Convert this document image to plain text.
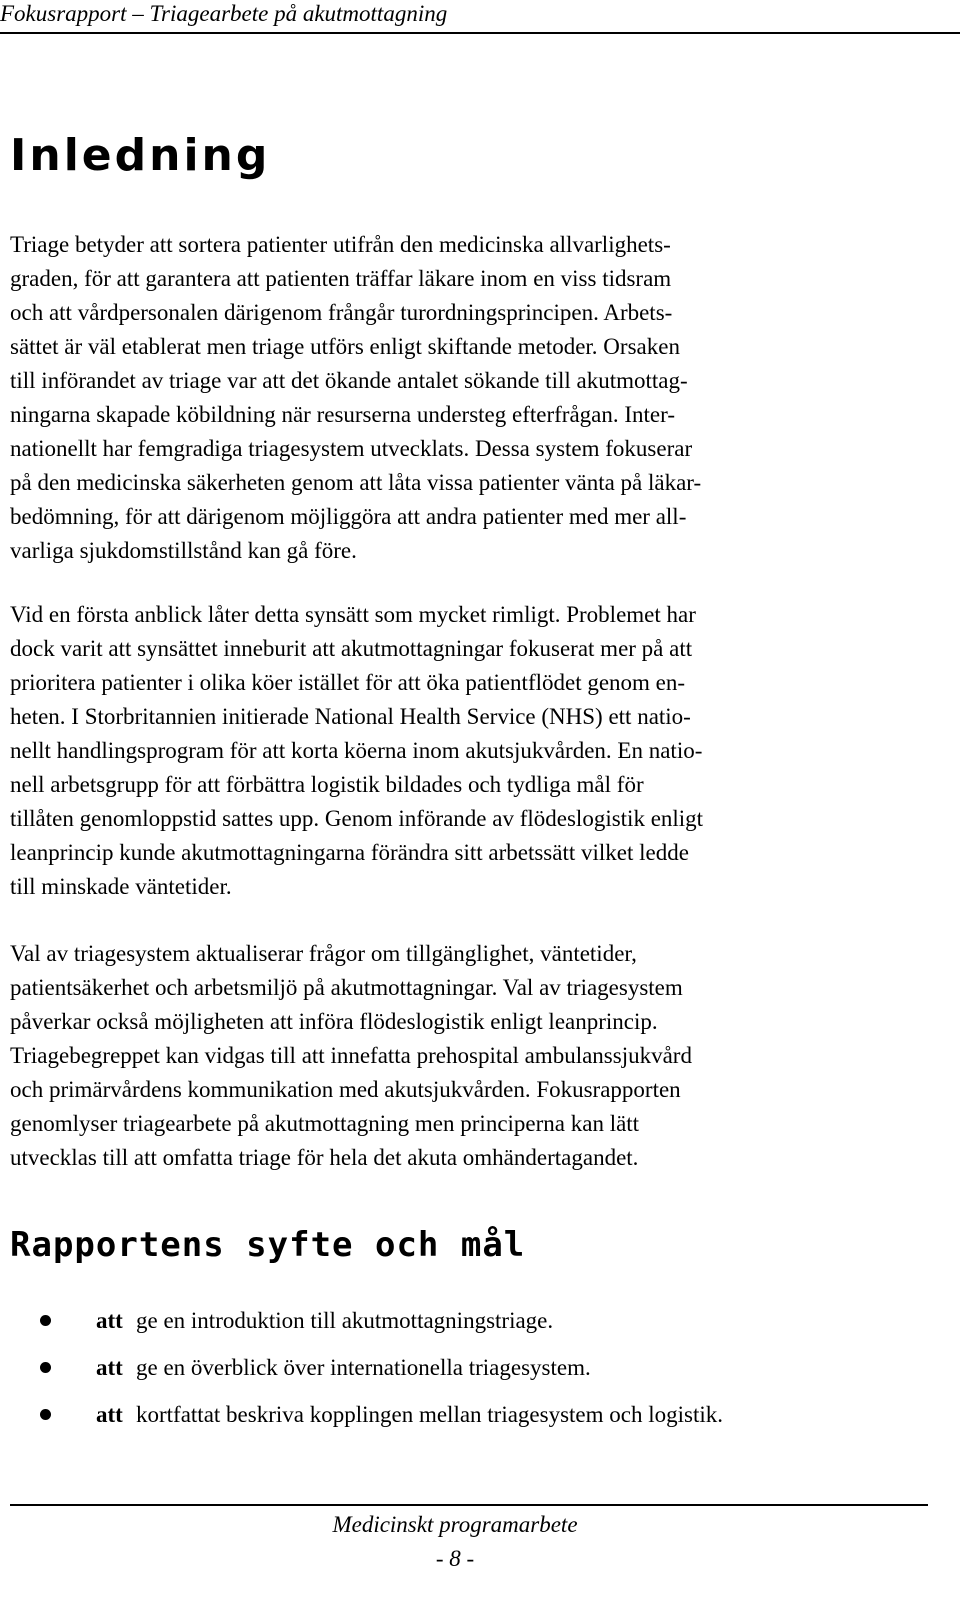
Fokusrapport – Triagearbete på akutmottagning
Inledning

Triage betyder att sortera patienter utifrån den medicinska allvarlighets-
graden, för att garantera att patienten träffar läkare inom en viss tidsram
och att vårdpersonalen därigenom frångår turordningsprincipen. Arbets-
sättet är väl etablerat men triage utförs enligt skiftande metoder. Orsaken
till införandet av triage var att det ökande antalet sökande till akutmottag-
ningarna skapade köbildning när resurserna understeg efterfrågan. Inter-
nationellt har femgradiga triagesystem utvecklats. Dessa system fokuserar
på den medicinska säkerheten genom att låta vissa patienter vänta på läkar-
bedömning, för att därigenom möjliggöra att andra patienter med mer all-
varliga sjukdomstillstånd kan gå före.

Vid en första anblick låter detta synsätt som mycket rimligt. Problemet har
dock varit att synsättet inneburit att akutmottagningar fokuserat mer på att
prioritera patienter i olika köer istället för att öka patientflödet genom en-
heten. I Storbritannien initierade National Health Service (NHS) ett natio-
nellt handlingsprogram för att korta köerna inom akutsjukvården. En natio-
nell arbetsgrupp för att förbättra logistik bildades och tydliga mål för
tillåten genomloppstid sattes upp. Genom införande av flödeslogistik enligt
leanprincip kunde akutmottagningarna förändra sitt arbetssätt vilket ledde
till minskade väntetider.

Val av triagesystem aktualiserar frågor om tillgänglighet, väntetider,
patientsäkerhet och arbetsmiljö på akutmottagningar. Val av triagesystem
påverkar också möjligheten att införa flödeslogistik enligt leanprincip.
Triagebegreppet kan vidgas till att innefatta prehospital ambulanssjukvård
och primärvårdens kommunikation med akutsjukvården. Fokusrapporten
genomlyser triagearbete på akutmottagning men principerna kan lätt
utvecklas till att omfatta triage för hela det akuta omhändertagandet.

Rapportens syfte och mål
att ge en introduktion till akutmottagningstriage.
att ge en överblick över internationella triagesystem.
att kortfattat beskriva kopplingen mellan triagesystem och logistik.
Medicinskt programarbete
- 8 -
